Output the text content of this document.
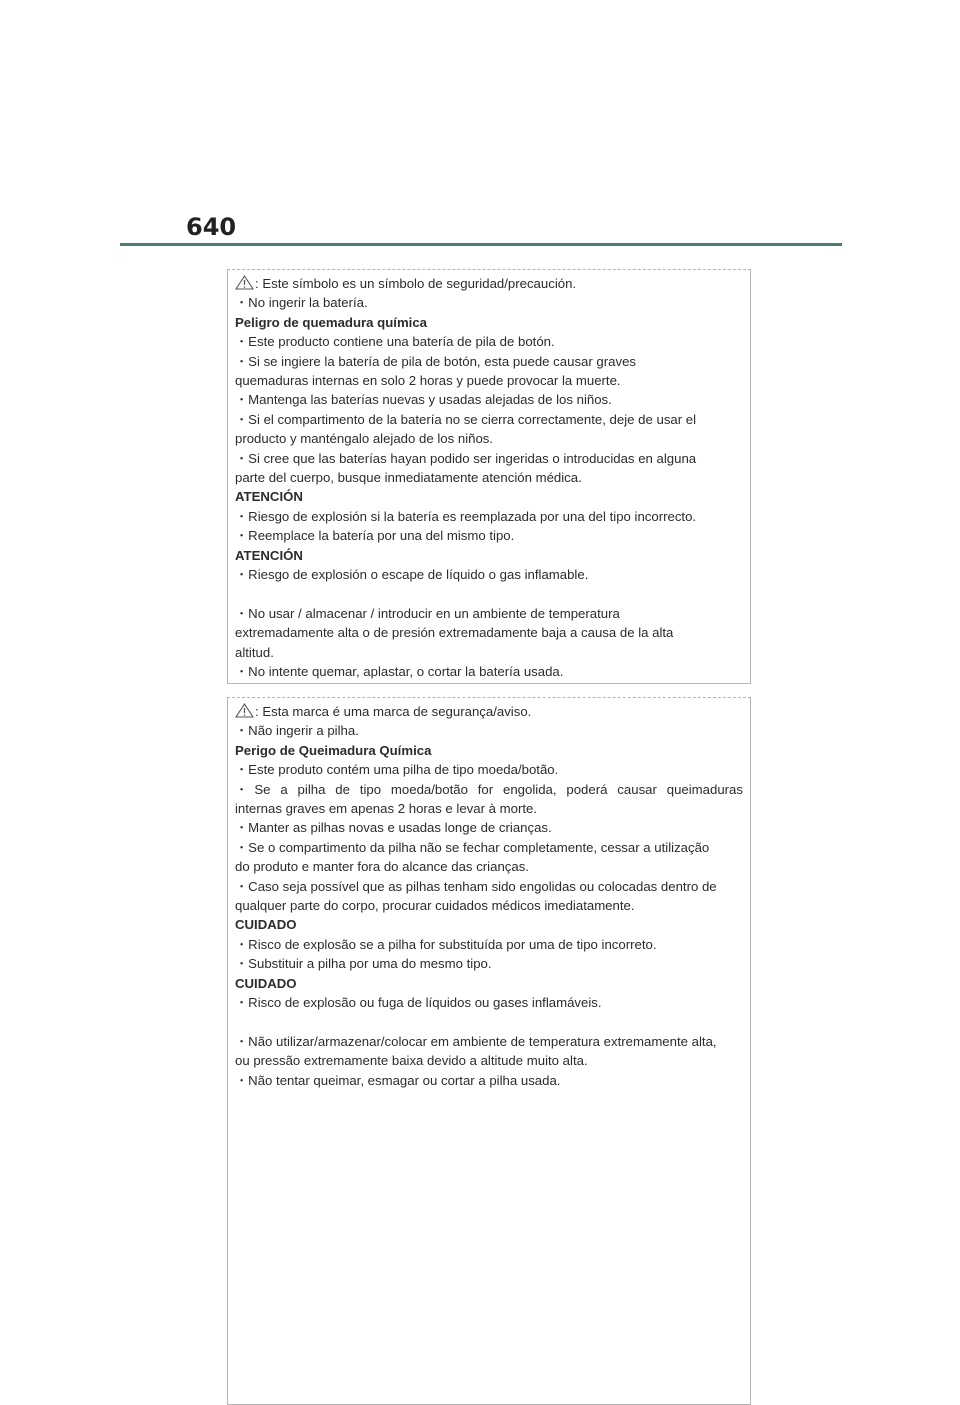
640

: Este símbolo es un símbolo de seguridad/precaución.

・No ingerir la batería.

Peligro de quemadura química

・Este producto contiene una batería de pila de botón.

・Si se ingiere la batería de pila de botón, esta puede causar graves

quemaduras internas en solo 2 horas y puede provocar la muerte.

・Mantenga las baterías nuevas y usadas alejadas de los niños.

・Si el compartimento de la batería no se cierra correctamente, deje de usar el

producto y manténgalo alejado de los niños.

・Si cree que las baterías hayan podido ser ingeridas o introducidas en alguna

parte del cuerpo, busque inmediatamente atención médica.

ATENCIÓN

・Riesgo de explosión si la batería es reemplazada por una del tipo incorrecto.

・Reemplace la batería por una del mismo tipo.

ATENCIÓN

・Riesgo de explosión o escape de líquido o gas inflamable.

・No usar / almacenar / introducir en un ambiente de temperatura

extremadamente alta o de presión extremadamente baja a causa de la alta

altitud.

・No intente quemar, aplastar, o cortar la batería usada.

: Esta marca é uma marca de segurança/aviso.

・Não ingerir a pilha.

Perigo de Queimadura Química

・Este produto contém uma pilha de tipo moeda/botão.

・Se a pilha de tipo moeda/botão for engolida, poderá causar queimaduras

internas graves em apenas 2 horas e levar à morte.

・Manter as pilhas novas e usadas longe de crianças.

・Se o compartimento da pilha não se fechar completamente, cessar a utilização

do produto e manter fora do alcance das crianças.

・Caso seja possível que as pilhas tenham sido engolidas ou colocadas dentro de

qualquer parte do corpo, procurar cuidados médicos imediatamente.

CUIDADO

・Risco de explosão se a pilha for substituída por uma de tipo incorreto.

・Substituir a pilha por uma do mesmo tipo.

CUIDADO

・Risco de explosão ou fuga de líquidos ou gases inflamáveis.

・Não utilizar/armazenar/colocar em ambiente de temperatura extremamente alta,

ou pressão extremamente baixa devido a altitude muito alta.

・Não tentar queimar, esmagar ou cortar a pilha usada.
